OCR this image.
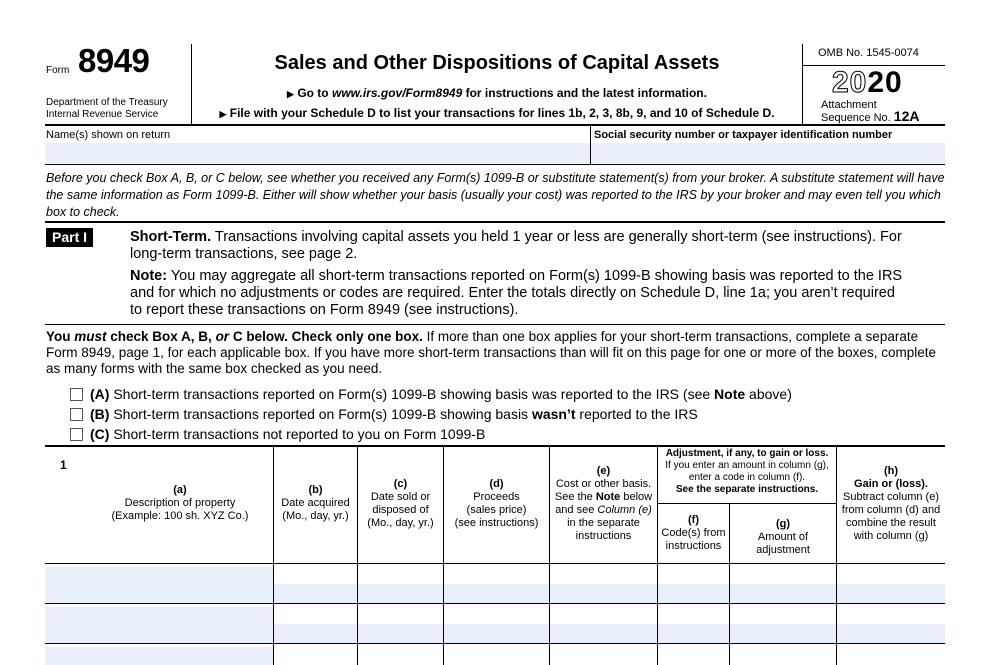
Form 8949
Department of the Treasury
Internal Revenue Service
Sales and Other Dispositions of Capital Assets
▶ Go to www.irs.gov/Form8949 for instructions and the latest information.
▶ File with your Schedule D to list your transactions for lines 1b, 2, 3, 8b, 9, and 10 of Schedule D.
OMB No. 1545-0074
2020
Attachment
Sequence No. 12A
Name(s) shown on return	Social security number or taxpayer identification number
Before you check Box A, B, or C below, see whether you received any Form(s) 1099-B or substitute statement(s) from your broker. A substitute statement will have the same information as Form 1099-B. Either will show whether your basis (usually your cost) was reported to the IRS by your broker and may even tell you which box to check.
Part I	Short-Term. Transactions involving capital assets you held 1 year or less are generally short-term (see instructions). For long-term transactions, see page 2.
Note: You may aggregate all short-term transactions reported on Form(s) 1099-B showing basis was reported to the IRS and for which no adjustments or codes are required. Enter the totals directly on Schedule D, line 1a; you aren’t required to report these transactions on Form 8949 (see instructions).
You must check Box A, B, or C below. Check only one box. If more than one box applies for your short-term transactions, complete a separate Form 8949, page 1, for each applicable box. If you have more short-term transactions than will fit on this page for one or more of the boxes, complete as many forms with the same box checked as you need.
(A) Short-term transactions reported on Form(s) 1099-B showing basis was reported to the IRS (see Note above)
(B) Short-term transactions reported on Form(s) 1099-B showing basis wasn’t reported to the IRS
(C) Short-term transactions not reported to you on Form 1099-B
1
(a)
Description of property
(Example: 100 sh. XYZ Co.)
(b)
Date acquired
(Mo., day, yr.)
(c)
Date sold or
disposed of
(Mo., day, yr.)
(d)
Proceeds
(sales price)
(see instructions)
(e)
Cost or other basis.
See the Note below
and see Column (e)
in the separate
instructions
Adjustment, if any, to gain or loss.
If you enter an amount in column (g),
enter a code in column (f).
See the separate instructions.
(f)
Code(s) from
instructions
(g)
Amount of
adjustment
(h)
Gain or (loss).
Subtract column (e)
from column (d) and
combine the result
with column (g)
